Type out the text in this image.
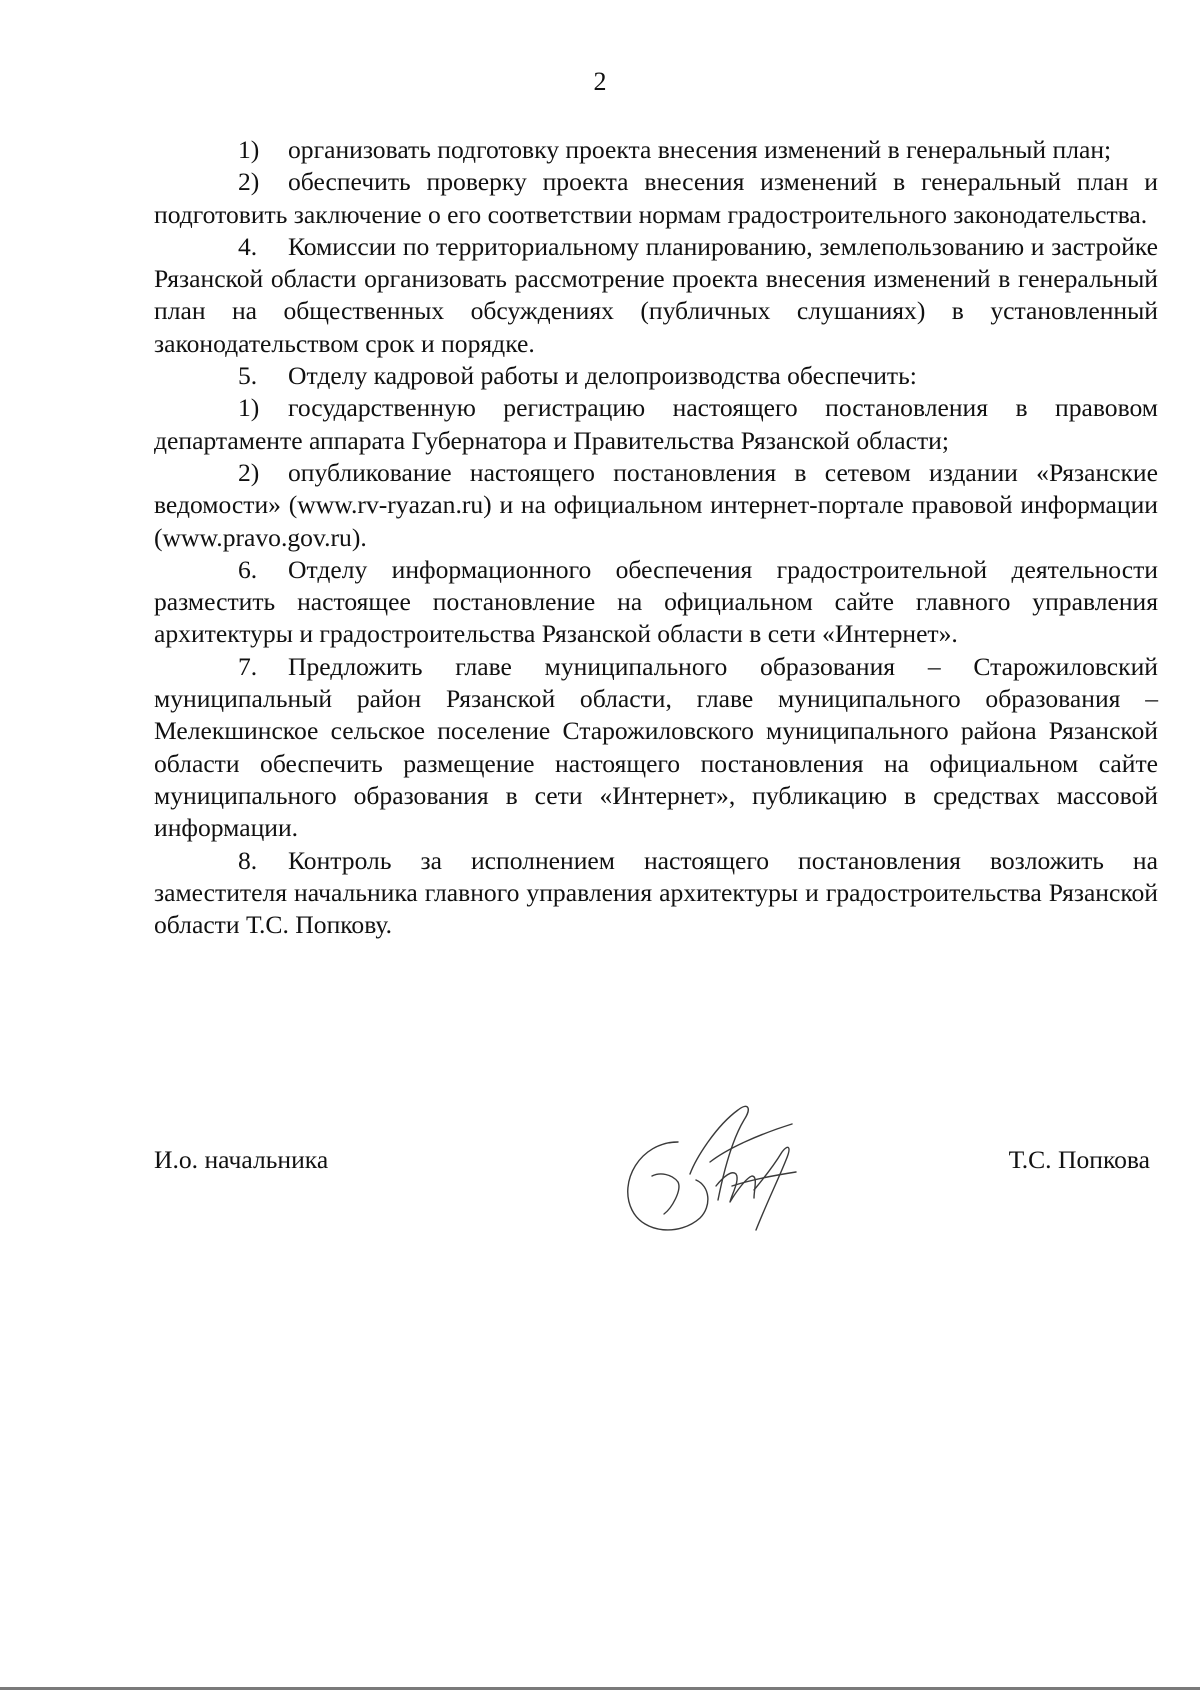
2

1) организовать подготовку проекта внесения изменений в генеральный план;

2) обеспечить проверку проекта внесения изменений в генеральный план и подготовить заключение о его соответствии нормам градостроительного законодательства.

4. Комиссии по территориальному планированию, землепользованию и застройке Рязанской области организовать рассмотрение проекта внесения изменений в генеральный план на общественных обсуждениях (публичных слушаниях) в установленный законодательством срок и порядке.

5. Отделу кадровой работы и делопроизводства обеспечить:

1) государственную регистрацию настоящего постановления в правовом департаменте аппарата Губернатора и Правительства Рязанской области;

2) опубликование настоящего постановления в сетевом издании «Рязанские ведомости» (www.rv-ryazan.ru) и на официальном интернет-портале правовой информации (www.pravo.gov.ru).

6. Отделу информационного обеспечения градостроительной деятельности разместить настоящее постановление на официальном сайте главного управления архитектуры и градостроительства Рязанской области в сети «Интернет».

7. Предложить главе муниципального образования – Старожиловский муниципальный район Рязанской области, главе муниципального образования – Мелекшинское сельское поселение Старожиловского муниципального района Рязанской области обеспечить размещение настоящего постановления на официальном сайте муниципального образования в сети «Интернет», публикацию в средствах массовой информации.

8. Контроль за исполнением настоящего постановления возложить на заместителя начальника главного управления архитектуры и градостроительства Рязанской области Т.С. Попкову.

И.о. начальника	Т.С. Попкова
